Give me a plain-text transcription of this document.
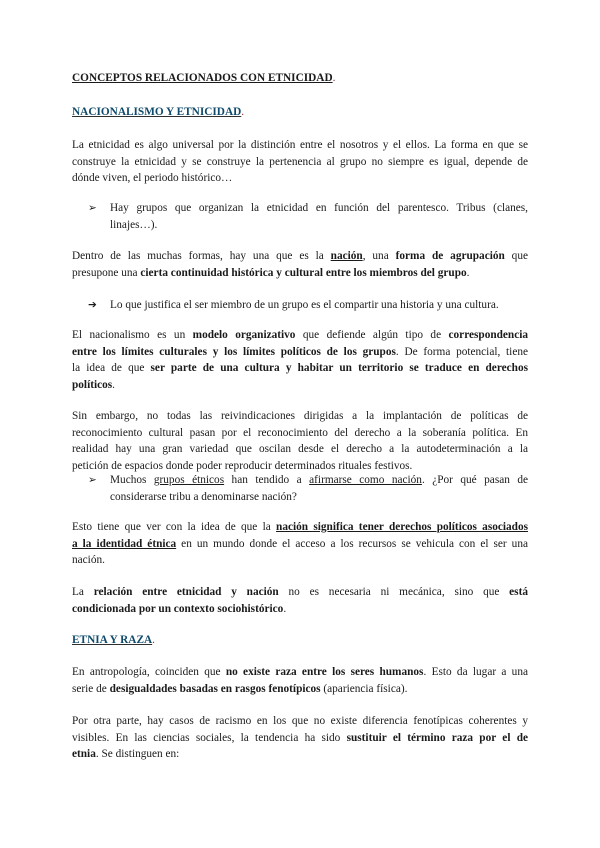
CONCEPTOS RELACIONADOS CON ETNICIDAD.
NACIONALISMO Y ETNICIDAD.
La etnicidad es algo universal por la distinción entre el nosotros y el ellos. La forma en que se
construye la etnicidad y se construye la pertenencia al grupo no siempre es igual, depende de
dónde viven, el periodo histórico…
➢ Hay grupos que organizan la etnicidad en función del parentesco. Tribus (clanes,
linajes…).
Dentro de las muchas formas, hay una que es la nación, una forma de agrupación que
presupone una cierta continuidad histórica y cultural entre los miembros del grupo.
➔ Lo que justifica el ser miembro de un grupo es el compartir una historia y una cultura.
El nacionalismo es un modelo organizativo que defiende algún tipo de correspondencia
entre los límites culturales y los límites políticos de los grupos. De forma potencial, tiene
la idea de que ser parte de una cultura y habitar un territorio se traduce en derechos
políticos.
Sin embargo, no todas las reivindicaciones dirigidas a la implantación de políticas de
reconocimiento cultural pasan por el reconocimiento del derecho a la soberanía política. En
realidad hay una gran variedad que oscilan desde el derecho a la autodeterminación a la
petición de espacios donde poder reproducir determinados rituales festivos.
➢ Muchos grupos étnicos han tendido a afirmarse como nación. ¿Por qué pasan de
considerarse tribu a denominarse nación?
Esto tiene que ver con la idea de que la nación significa tener derechos políticos asociados
a la identidad étnica en un mundo donde el acceso a los recursos se vehicula con el ser una
nación.
La relación entre etnicidad y nación no es necesaria ni mecánica, sino que está
condicionada por un contexto sociohistórico.
ETNIA Y RAZA.
En antropología, coinciden que no existe raza entre los seres humanos. Esto da lugar a una
serie de desigualdades basadas en rasgos fenotípicos (apariencia física).
Por otra parte, hay casos de racismo en los que no existe diferencia fenotípicas coherentes y
visibles. En las ciencias sociales, la tendencia ha sido sustituir el término raza por el de
etnia. Se distinguen en:
